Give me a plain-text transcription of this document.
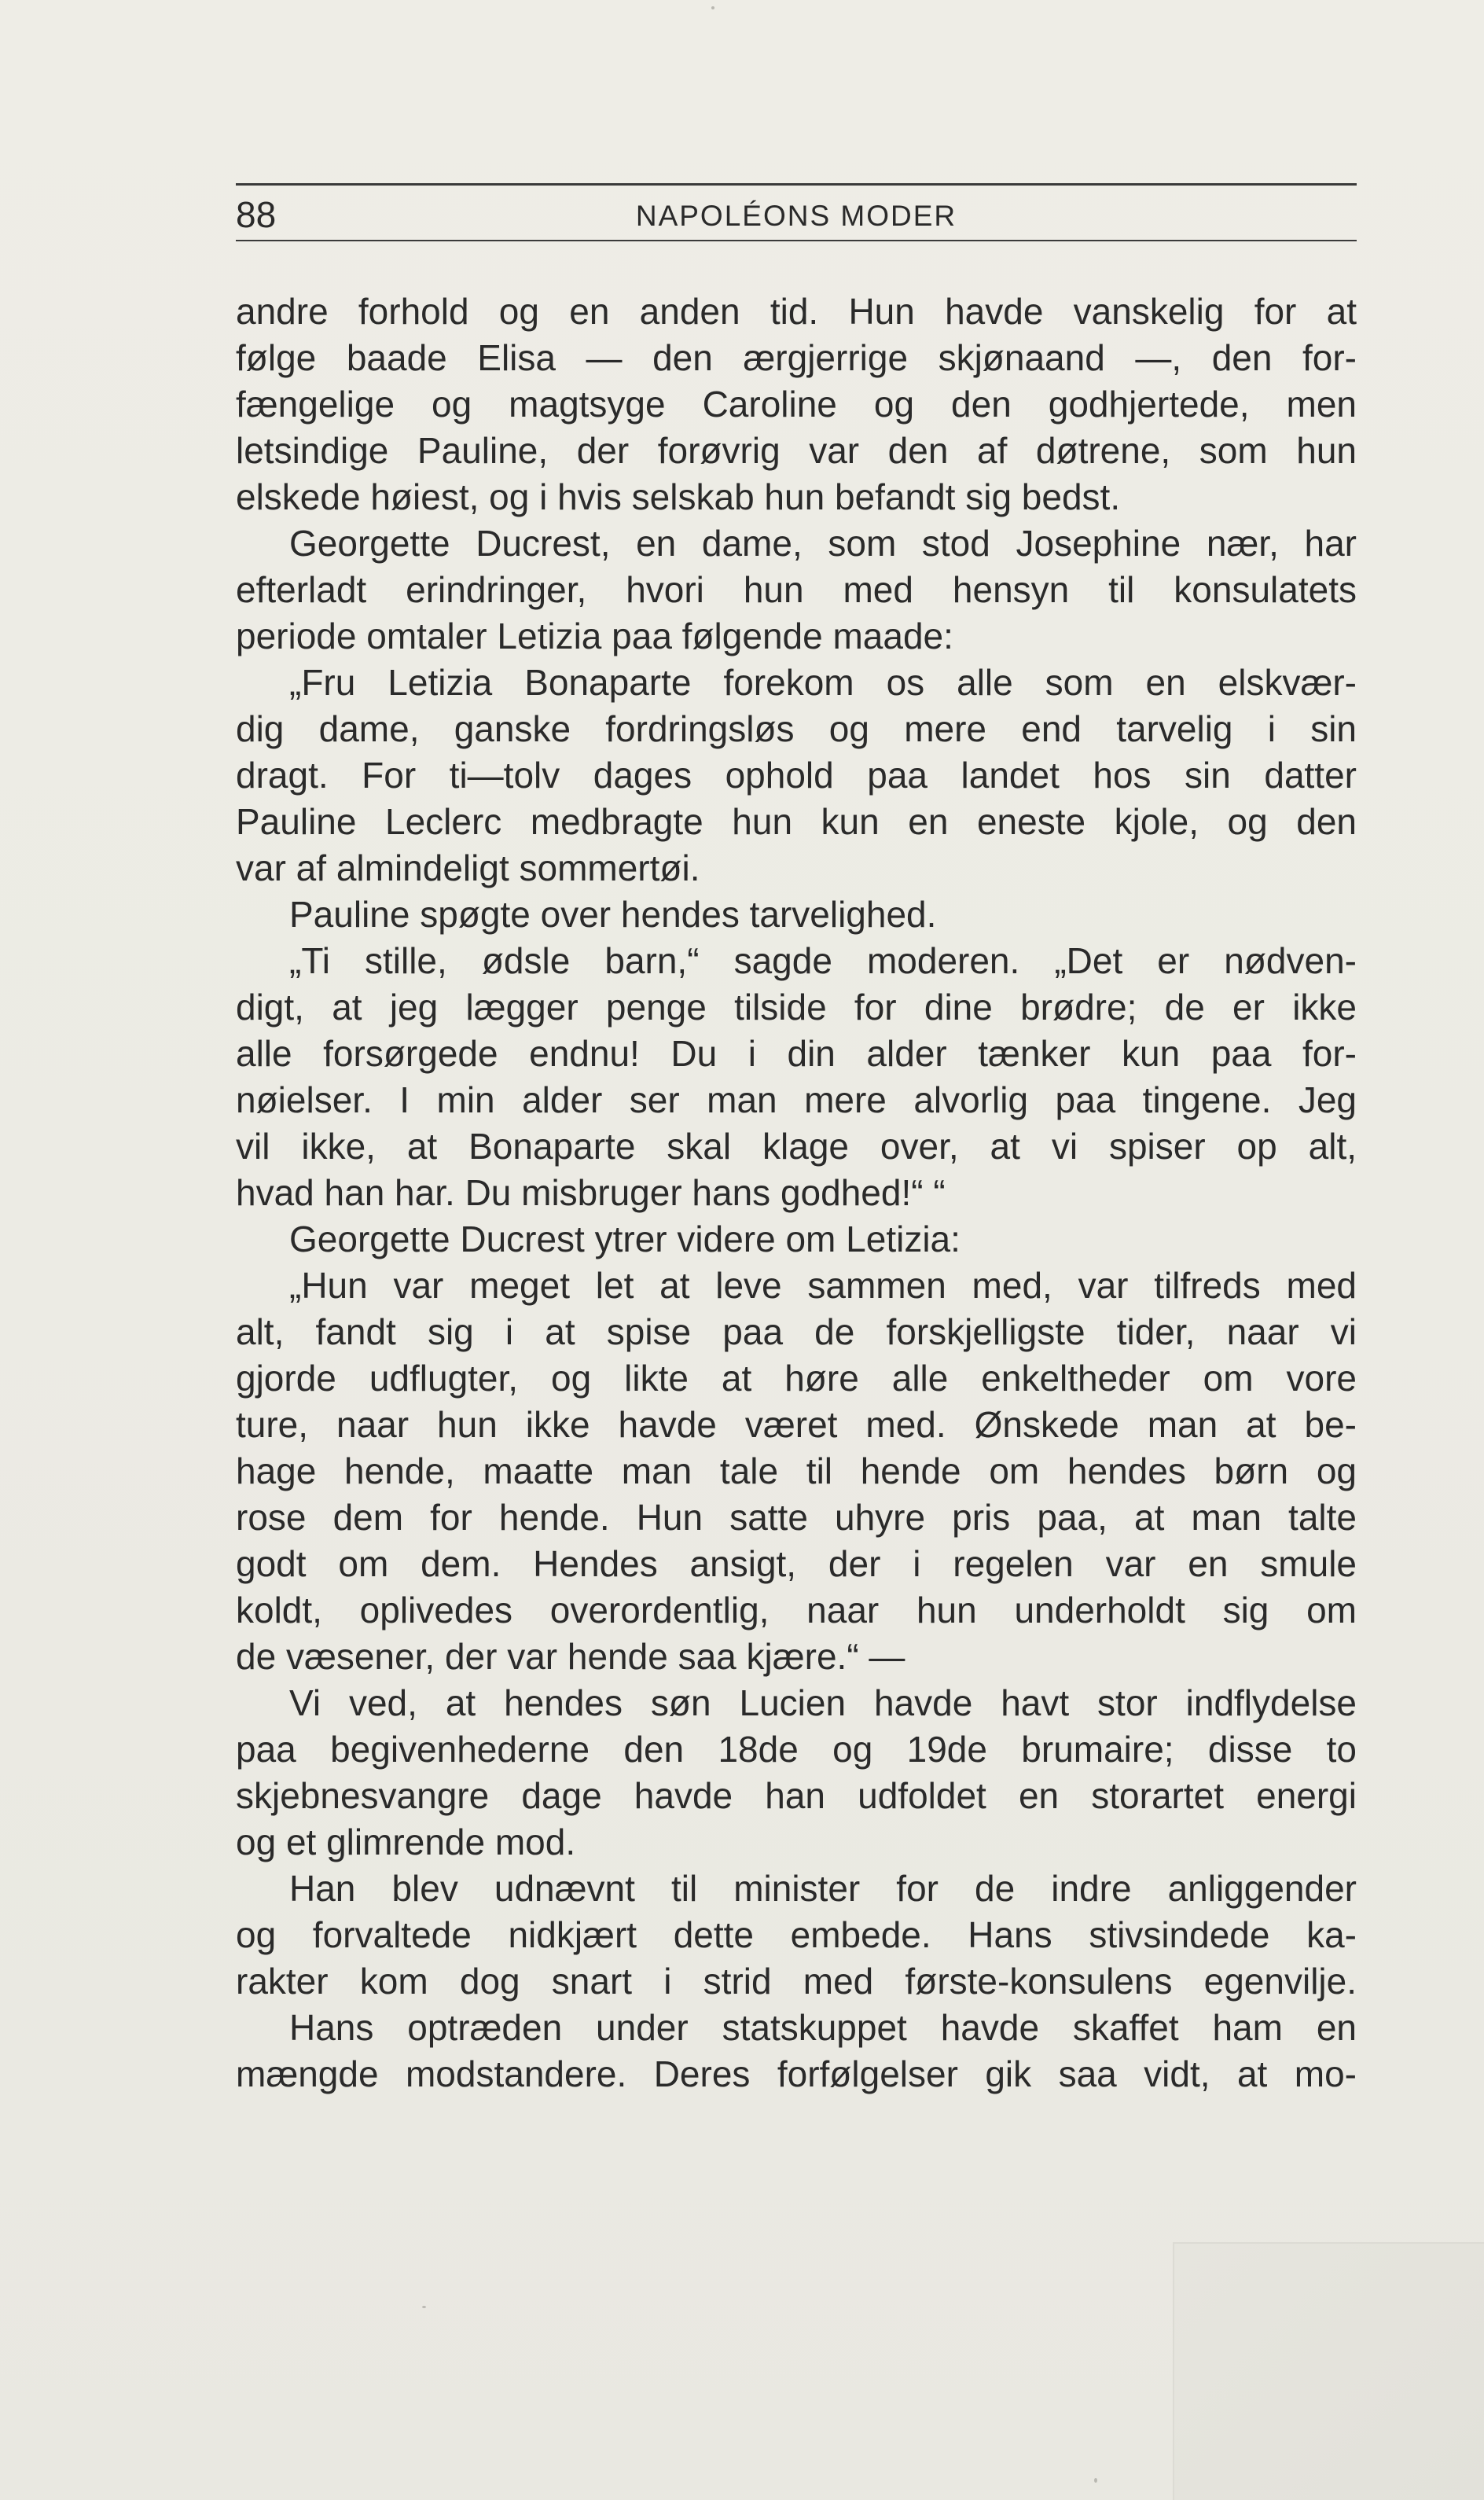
88	NAPOLÉONS MODER
andre forhold og en anden tid. Hun havde vanskelig for at
følge baade Elisa — den ærgjerrige skjønaand —, den for-
fængelige og magtsyge Caroline og den godhjertede, men
letsindige Pauline, der forøvrig var den af døtrene, som hun
elskede høiest, og i hvis selskab hun befandt sig bedst.
Georgette Ducrest, en dame, som stod Josephine nær, har
efterladt erindringer, hvori hun med hensyn til konsulatets
periode omtaler Letizia paa følgende maade:
„Fru Letizia Bonaparte forekom os alle som en elskvær-
dig dame, ganske fordringsløs og mere end tarvelig i sin
dragt. For ti—tolv dages ophold paa landet hos sin datter
Pauline Leclerc medbragte hun kun en eneste kjole, og den
var af almindeligt sommertøi.
Pauline spøgte over hendes tarvelighed.
„Ti stille, ødsle barn,“ sagde moderen. „Det er nødven-
digt, at jeg lægger penge tilside for dine brødre; de er ikke
alle forsørgede endnu! Du i din alder tænker kun paa for-
nøielser. I min alder ser man mere alvorlig paa tingene. Jeg
vil ikke, at Bonaparte skal klage over, at vi spiser op alt,
hvad han har. Du misbruger hans godhed!“ “
Georgette Ducrest ytrer videre om Letizia:
„Hun var meget let at leve sammen med, var tilfreds med
alt, fandt sig i at spise paa de forskjelligste tider, naar vi
gjorde udflugter, og likte at høre alle enkeltheder om vore
ture, naar hun ikke havde været med. Ønskede man at be-
hage hende, maatte man tale til hende om hendes børn og
rose dem for hende. Hun satte uhyre pris paa, at man talte
godt om dem. Hendes ansigt, der i regelen var en smule
koldt, oplivedes overordentlig, naar hun underholdt sig om
de væsener, der var hende saa kjære.“ —
Vi ved, at hendes søn Lucien havde havt stor indflydelse
paa begivenhederne den 18de og 19de brumaire; disse to
skjebnesvangre dage havde han udfoldet en storartet energi
og et glimrende mod.
Han blev udnævnt til minister for de indre anliggender
og forvaltede nidkjært dette embede. Hans stivsindede ka-
rakter kom dog snart i strid med første-konsulens egenvilje.
Hans optræden under statskuppet havde skaffet ham en
mængde modstandere. Deres forfølgelser gik saa vidt, at mo-
